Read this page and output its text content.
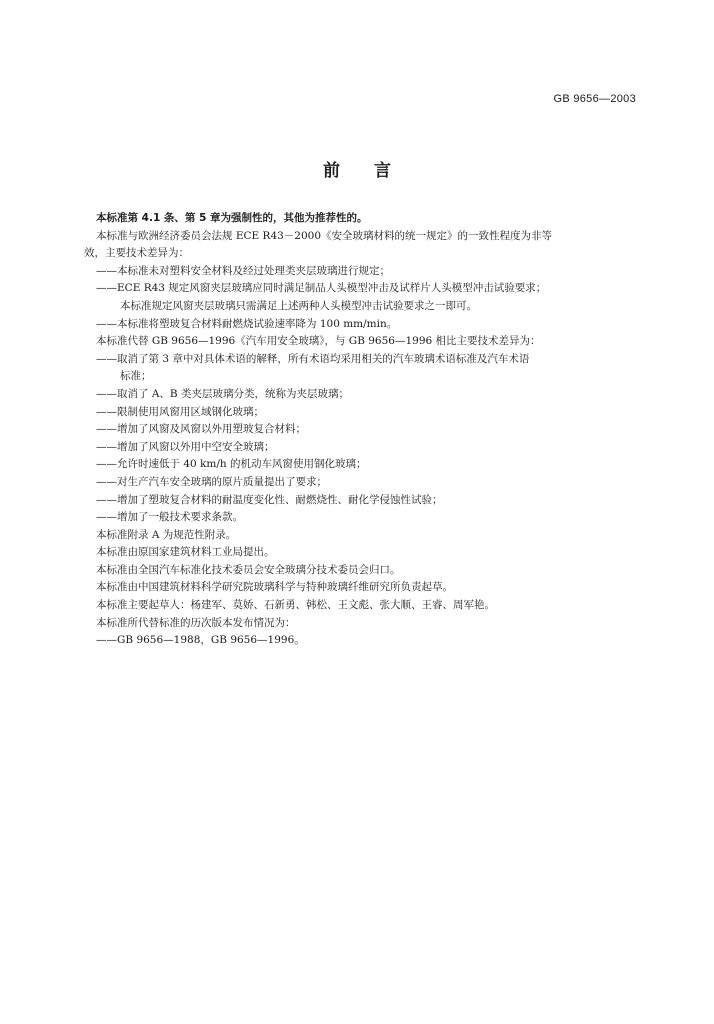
GB 9656—2003
前言
本标准第 4.1 条、第 5 章为强制性的，其他为推荐性的。
本标准与欧洲经济委员会法规 ECE R43－2000《安全玻璃材料的统一规定》的一致性程度为非等
效，主要技术差异为：
——本标准未对塑料安全材料及经过处理类夹层玻璃进行规定；
——ECE R43 规定风窗夹层玻璃应同时满足制品人头模型冲击及试样片人头模型冲击试验要求；
本标准规定风窗夹层玻璃只需满足上述两种人头模型冲击试验要求之一即可。
——本标准将塑玻复合材料耐燃烧试验速率降为 100 mm/min。
本标准代替 GB 9656—1996《汽车用安全玻璃》，与 GB 9656—1996 相比主要技术差异为：
——取消了第 3 章中对具体术语的解释，所有术语均采用相关的汽车玻璃术语标准及汽车术语
标准；
——取消了 A、B 类夹层玻璃分类，统称为夹层玻璃；
——限制使用风窗用区域钢化玻璃；
——增加了风窗及风窗以外用塑玻复合材料；
——增加了风窗以外用中空安全玻璃；
——允许时速低于 40 km/h 的机动车风窗使用钢化玻璃；
——对生产汽车安全玻璃的原片质量提出了要求；
——增加了塑玻复合材料的耐温度变化性、耐燃烧性、耐化学侵蚀性试验；
——增加了一般技术要求条款。
本标准附录 A 为规范性附录。
本标准由原国家建筑材料工业局提出。
本标准由全国汽车标准化技术委员会安全玻璃分技术委员会归口。
本标准由中国建筑材料科学研究院玻璃科学与特种玻璃纤维研究所负责起草。
本标准主要起草人：杨建军、莫娇、石新勇、韩松、王文彪、张大顺、王睿、周军艳。
本标准所代替标准的历次版本发布情况为：
——GB 9656—1988，GB 9656—1996。
